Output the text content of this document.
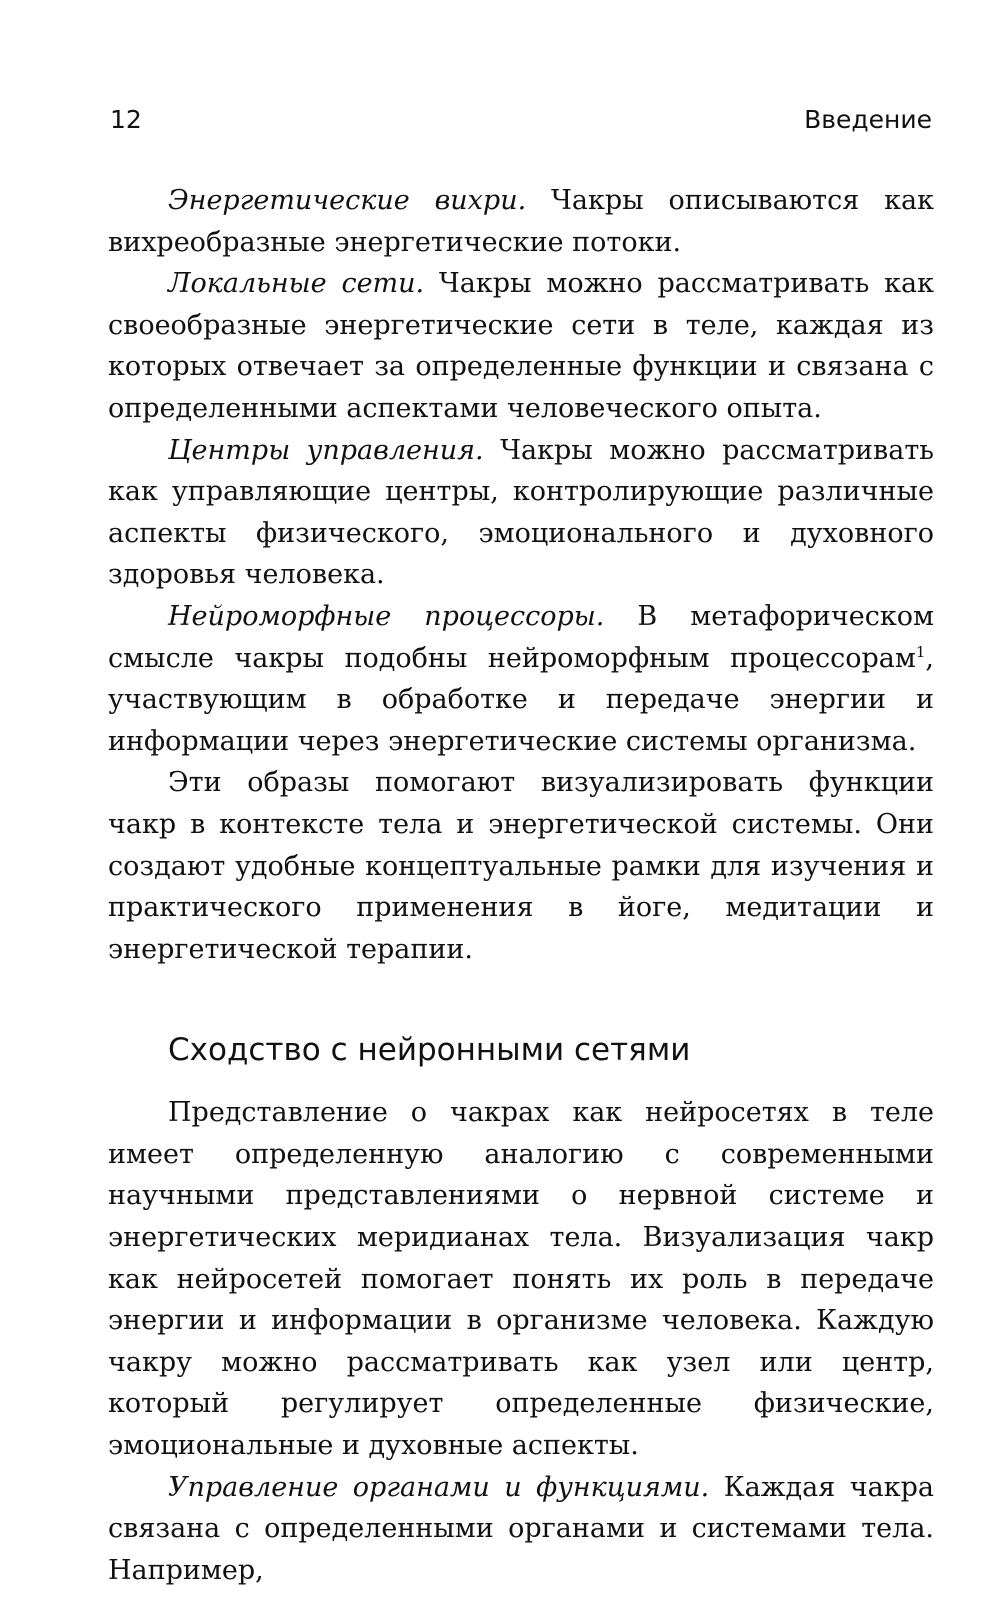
12	Введение

Энергетические вихри. Чакры описываются как вихреобразные энергетические потоки.

Локальные сети. Чакры можно рассматривать как своеобразные энергетические сети в теле, каждая из которых отвечает за определенные функции и связана с определенными аспектами человеческого опыта.

Центры управления. Чакры можно рассматривать как управляющие центры, контролирующие различные аспекты физического, эмоционального и духовного здоровья человека.

Нейроморфные процессоры. В метафорическом смысле чакры подобны нейроморфным процессорам$^1$, участвующим в обработке и передаче энергии и информации через энергетические системы организма.

Эти образы помогают визуализировать функции чакр в контексте тела и энергетической системы. Они создают удобные концептуальные рамки для изучения и практического применения в йоге, медитации и энергетической терапии.

Сходство с нейронными сетями

Представление о чакрах как нейросетях в теле имеет определенную аналогию с современными научными представлениями о нервной системе и энергетических меридианах тела. Визуализация чакр как нейросетей помогает понять их роль в передаче энергии и информации в организме человека. Каждую чакру можно рассматривать как узел или центр, который регулирует определенные физические, эмоциональные и духовные аспекты.

Управление органами и функциями. Каждая чакра связана с определенными органами и системами тела. Например,
